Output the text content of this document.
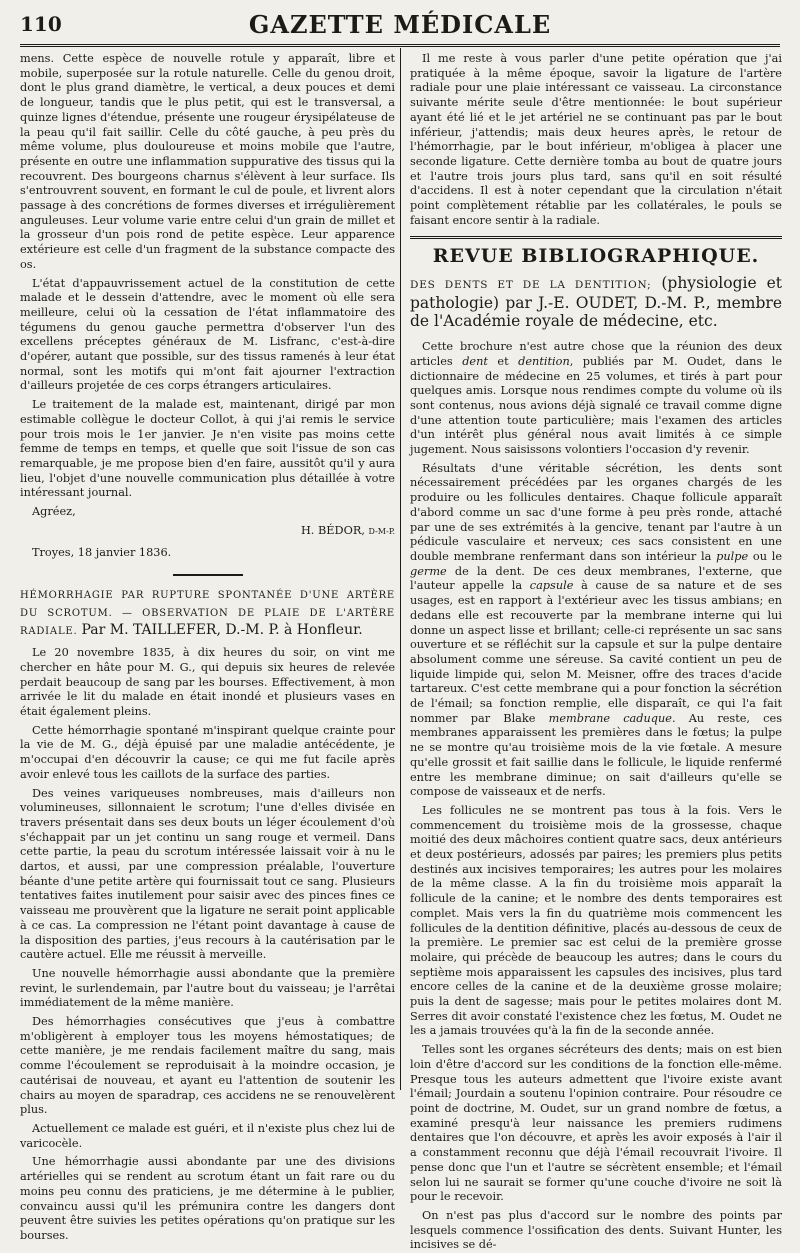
110	GAZETTE MÉDICALE

mens. Cette espèce de nouvelle rotule y apparaît, libre et mobile, superposée sur la rotule naturelle. Celle du genou droit, dont le plus grand diamètre, le vertical, a deux pouces et demi de longueur, tandis que le plus petit, qui est le transversal, a quinze lignes d'étendue, présente une rougeur érysipélateuse de la peau qu'il fait saillir. Celle du côté gauche, à peu près du même volume, plus douloureuse et moins mobile que l'autre, présente en outre une inflammation suppurative des tissus qui la recouvrent. Des bourgeons charnus s'élèvent à leur surface. Ils s'entrouvrent souvent, en formant le cul de poule, et livrent alors passage à des concrétions de formes diverses et irrégulièrement anguleuses. Leur volume varie entre celui d'un grain de millet et la grosseur d'un pois rond de petite espèce. Leur apparence extérieure est celle d'un fragment de la substance compacte des os.

L'état d'appauvrissement actuel de la constitution de cette malade et le dessein d'attendre, avec le moment où elle sera meilleure, celui où la cessation de l'état inflammatoire des tégumens du genou gauche permettra d'observer l'un des excellens préceptes généraux de M. Lisfranc, c'est-à-dire d'opérer, autant que possible, sur des tissus ramenés à leur état normal, sont les motifs qui m'ont fait ajourner l'extraction d'ailleurs projetée de ces corps étrangers articulaires.

Le traitement de la malade est, maintenant, dirigé par mon estimable collègue le docteur Collot, à qui j'ai remis le service pour trois mois le 1er janvier. Je n'en visite pas moins cette femme de temps en temps, et quelle que soit l'issue de son cas remarquable, je me propose bien d'en faire, aussitôt qu'il y aura lieu, l'objet d'une nouvelle communication plus détaillée à votre intéressant journal.

Agréez,

H. BÉDOR, D-M-P.

Troyes, 18 janvier 1836.

HÉMORRHAGIE PAR RUPTURE SPONTANÉE D'UNE ARTÈRE DU SCROTUM. — OBSERVATION DE PLAIE DE L'ARTÈRE RADIALE. Par M. TAILLEFER, D.-M. P. à Honfleur.

Le 20 novembre 1835, à dix heures du soir, on vint me chercher en hâte pour M. G., qui depuis six heures de relevée perdait beaucoup de sang par les bourses. Effectivement, à mon arrivée le lit du malade en était inondé et plusieurs vases en était également pleins.

Cette hémorrhagie spontané m'inspirant quelque crainte pour la vie de M. G., déjà épuisé par une maladie antécédente, je m'occupai d'en découvrir la cause; ce qui me fut facile après avoir enlevé tous les caillots de la surface des parties.

Des veines variqueuses nombreuses, mais d'ailleurs non volumineuses, sillonnaient le scrotum; l'une d'elles divisée en travers présentait dans ses deux bouts un léger écoulement d'où s'échappait par un jet continu un sang rouge et vermeil. Dans cette partie, la peau du scrotum intéressée laissait voir à nu le dartos, et aussi, par une compression préalable, l'ouverture béante d'une petite artère qui fournissait tout ce sang. Plusieurs tentatives faites inutilement pour saisir avec des pinces fines ce vaisseau me prouvèrent que la ligature ne serait point applicable à ce cas. La compression ne l'étant point davantage à cause de la disposition des parties, j'eus recours à la cautérisation par le cautère actuel. Elle me réussit à merveille.

Une nouvelle hémorrhagie aussi abondante que la première revint, le surlendemain, par l'autre bout du vaisseau; je l'arrêtai immédiatement de la même manière.

Des hémorrhagies consécutives que j'eus à combattre m'obligèrent à employer tous les moyens hémostatiques; de cette manière, je me rendais facilement maître du sang, mais comme l'écoulement se reproduisait à la moindre occasion, je cautérisai de nouveau, et ayant eu l'attention de soutenir les chairs au moyen de sparadrap, ces accidens ne se renouvelèrent plus.

Actuellement ce malade est guéri, et il n'existe plus chez lui de varicocèle.

Une hémorrhagie aussi abondante par une des divisions artérielles qui se rendent au scrotum étant un fait rare ou du moins peu connu des praticiens, je me détermine à le publier, convaincu aussi qu'il les prémunira contre les dangers dont peuvent être suivies les petites opérations qu'on pratique sur les bourses.

Il me reste à vous parler d'une petite opération que j'ai pratiquée à la même époque, savoir la ligature de l'artère radiale pour une plaie intéressant ce vaisseau. La circonstance suivante mérite seule d'être mentionnée: le bout supérieur ayant été lié et le jet artériel ne se continuant pas par le bout inférieur, j'attendis; mais deux heures après, le retour de l'hémorrhagie, par le bout inférieur, m'obligea à placer une seconde ligature. Cette dernière tomba au bout de quatre jours et l'autre trois jours plus tard, sans qu'il en soit résulté d'accidens. Il est à noter cependant que la circulation n'était point complètement rétablie par les collatérales, le pouls se faisant encore sentir à la radiale.

REVUE BIBLIOGRAPHIQUE.
DES DENTS ET DE LA DENTITION; (physiologie et pathologie) par J.-E. OUDET, D.-M. P., membre de l'Académie royale de médecine, etc.

Cette brochure n'est autre chose que la réunion des deux articles dent et dentition, publiés par M. Oudet, dans le dictionnaire de médecine en 25 volumes, et tirés à part pour quelques amis. Lorsque nous rendimes compte du volume où ils sont contenus, nous avions déjà signalé ce travail comme digne d'une attention toute particulière; mais l'examen des articles d'un intérêt plus général nous avait limités à ce simple jugement. Nous saisissons volontiers l'occasion d'y revenir.

Résultats d'une véritable sécrétion, les dents sont nécessairement précédées par les organes chargés de les produire ou les follicules dentaires. Chaque follicule apparaît d'abord comme un sac d'une forme à peu près ronde, attaché par une de ses extrémités à la gencive, tenant par l'autre à un pédicule vasculaire et nerveux; ces sacs consistent en une double membrane renfermant dans son intérieur la pulpe ou le germe de la dent. De ces deux membranes, l'externe, que l'auteur appelle la capsule à cause de sa nature et de ses usages, est en rapport à l'extérieur avec les tissus ambians; en dedans elle est recouverte par la membrane interne qui lui donne un aspect lisse et brillant; celle-ci représente un sac sans ouverture et se réfléchit sur la capsule et sur la pulpe dentaire absolument comme une séreuse. Sa cavité contient un peu de liquide limpide qui, selon M. Meisner, offre des traces d'acide tartareux. C'est cette membrane qui a pour fonction la sécrétion de l'émail; sa fonction remplie, elle disparaît, ce qui l'a fait nommer par Blake membrane caduque. Au reste, ces membranes apparaissent les premières dans le fœtus; la pulpe ne se montre qu'au troisième mois de la vie fœtale. A mesure qu'elle grossit et fait saillie dans le follicule, le liquide renfermé entre les membrane diminue; on sait d'ailleurs qu'elle se compose de vaisseaux et de nerfs.

Les follicules ne se montrent pas tous à la fois. Vers le commencement du troisième mois de la grossesse, chaque moitié des deux mâchoires contient quatre sacs, deux antérieurs et deux postérieurs, adossés par paires; les premiers plus petits destinés aux incisives temporaires; les autres pour les molaires de la même classe. A la fin du troisième mois apparaît la follicule de la canine; et le nombre des dents temporaires est complet. Mais vers la fin du quatrième mois commencent les follicules de la dentition définitive, placés au-dessous de ceux de la première. Le premier sac est celui de la première grosse molaire, qui précède de beaucoup les autres; dans le cours du septième mois apparaissent les capsules des incisives, plus tard encore celles de la canine et de la deuxième grosse molaire; puis la dent de sagesse; mais pour le petites molaires dont M. Serres dit avoir constaté l'existence chez les fœtus, M. Oudet ne les a jamais trouvées qu'à la fin de la seconde année.

Telles sont les organes sécréteurs des dents; mais on est bien loin d'être d'accord sur les conditions de la fonction elle-même. Presque tous les auteurs admettent que l'ivoire existe avant l'émail; Jourdain a soutenu l'opinion contraire. Pour résoudre ce point de doctrine, M. Oudet, sur un grand nombre de fœtus, a examiné presqu'à leur naissance les premiers rudimens dentaires que l'on découvre, et après les avoir exposés à l'air il a constamment reconnu que déjà l'émail recouvrait l'ivoire. Il pense donc que l'un et l'autre se sécrètent ensemble; et l'émail selon lui ne saurait se former qu'une couche d'ivoire ne soit là pour le recevoir.

On n'est pas plus d'accord sur le nombre des points par lesquels commence l'ossification des dents. Suivant Hunter, les incisives se dé-
